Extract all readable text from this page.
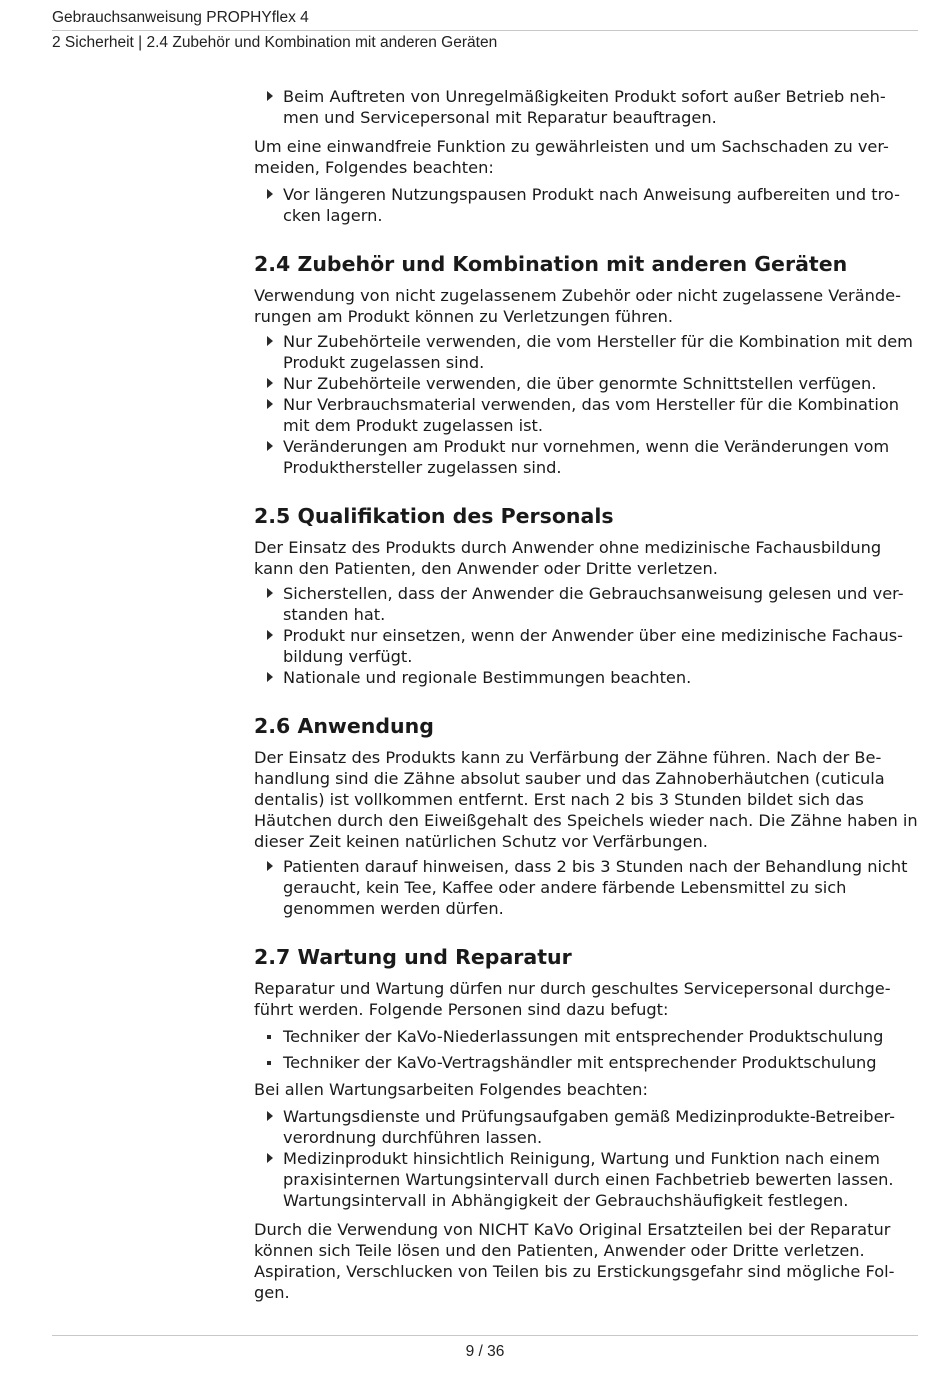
Gebrauchsanweisung PROPHYflex 4
2 Sicherheit | 2.4 Zubehör und Kombination mit anderen Geräten
Beim Auftreten von Unregelmäßigkeiten Produkt sofort außer Betrieb neh- men und Servicepersonal mit Reparatur beauftragen.

Um eine einwandfreie Funktion zu gewährleisten und um Sachschaden zu ver- meiden, Folgendes beachten:

Vor längeren Nutzungspausen Produkt nach Anweisung aufbereiten und tro- cken lagern.
2.4 Zubehör und Kombination mit anderen Geräten

Verwendung von nicht zugelassenem Zubehör oder nicht zugelassene Verände- rungen am Produkt können zu Verletzungen führen.

Nur Zubehörteile verwenden, die vom Hersteller für die Kombination mit dem Produkt zugelassen sind.
Nur Zubehörteile verwenden, die über genormte Schnittstellen verfügen.
Nur Verbrauchsmaterial verwenden, das vom Hersteller für die Kombination mit dem Produkt zugelassen ist.
Veränderungen am Produkt nur vornehmen, wenn die Veränderungen vom Produkthersteller zugelassen sind.
2.5 Qualifikation des Personals

Der Einsatz des Produkts durch Anwender ohne medizinische Fachausbildung kann den Patienten, den Anwender oder Dritte verletzen.

Sicherstellen, dass der Anwender die Gebrauchsanweisung gelesen und ver- standen hat.
Produkt nur einsetzen, wenn der Anwender über eine medizinische Fachaus- bildung verfügt.
Nationale und regionale Bestimmungen beachten.
2.6 Anwendung

Der Einsatz des Produkts kann zu Verfärbung der Zähne führen. Nach der Be- handlung sind die Zähne absolut sauber und das Zahnoberhäutchen (cuticula dentalis) ist vollkommen entfernt. Erst nach 2 bis 3 Stunden bildet sich das Häutchen durch den Eiweißgehalt des Speichels wieder nach. Die Zähne haben in dieser Zeit keinen natürlichen Schutz vor Verfärbungen.

Patienten darauf hinweisen, dass 2 bis 3 Stunden nach der Behandlung nicht geraucht, kein Tee, Kaffee oder andere färbende Lebensmittel zu sich genommen werden dürfen.
2.7 Wartung und Reparatur

Reparatur und Wartung dürfen nur durch geschultes Servicepersonal durchge- führt werden. Folgende Personen sind dazu befugt:

Techniker der KaVo-Niederlassungen mit entsprechender Produktschulung
Techniker der KaVo-Vertragshändler mit entsprechender Produktschulung

Bei allen Wartungsarbeiten Folgendes beachten:

Wartungsdienste und Prüfungsaufgaben gemäß Medizinprodukte-Betreiber- verordnung durchführen lassen.
Medizinprodukt hinsichtlich Reinigung, Wartung und Funktion nach einem praxisinternen Wartungsintervall durch einen Fachbetrieb bewerten lassen. Wartungsintervall in Abhängigkeit der Gebrauchshäufigkeit festlegen.

Durch die Verwendung von NICHT KaVo Original Ersatzteilen bei der Reparatur können sich Teile lösen und den Patienten, Anwender oder Dritte verletzen. Aspiration, Verschlucken von Teilen bis zu Erstickungsgefahr sind mögliche Fol- gen.

9 / 36
